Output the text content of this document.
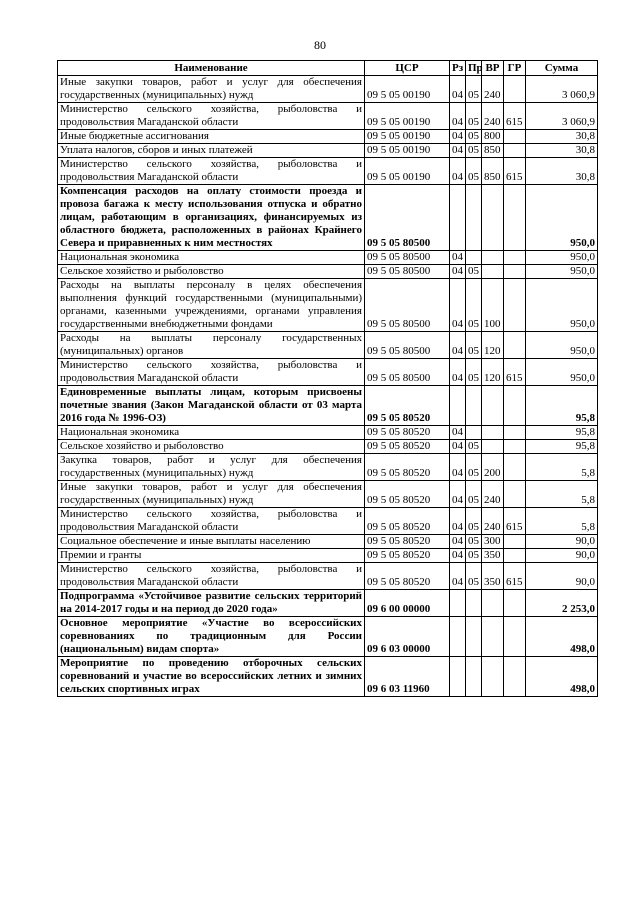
80
Наименование	ЦСР	Рз	Пр	ВР	ГР	Сумма
Иные закупки товаров, работ и услуг для обеспечения государственных (муниципальных) нужд	09 5 05 00190	04	05	240		3 060,9
Министерство сельского хозяйства, рыболовства и продовольствия Магаданской области	09 5 05 00190	04	05	240	615	3 060,9
Иные бюджетные ассигнования	09 5 05 00190	04	05	800		30,8
Уплата налогов, сборов и иных платежей	09 5 05 00190	04	05	850		30,8
Министерство сельского хозяйства, рыболовства и продовольствия Магаданской области	09 5 05 00190	04	05	850	615	30,8
Компенсация расходов на оплату стоимости проезда и провоза багажа к месту использования отпуска и обратно лицам, работающим в организациях, финансируемых из областного бюджета, расположенных в районах Крайнего Севера и приравненных к ним местностях	09 5 05 80500					950,0
Национальная экономика	09 5 05 80500	04				950,0
Сельское хозяйство и рыболовство	09 5 05 80500	04	05			950,0
Расходы на выплаты персоналу в целях обеспечения выполнения функций государственными (муниципальными) органами, казенными учреждениями, органами управления государственными внебюджетными фондами	09 5 05 80500	04	05	100		950,0
Расходы на выплаты персоналу государственных (муниципальных) органов	09 5 05 80500	04	05	120		950,0
Министерство сельского хозяйства, рыболовства и продовольствия Магаданской области	09 5 05 80500	04	05	120	615	950,0
Единовременные выплаты лицам, которым присвоены почетные звания (Закон Магаданской области от 03 марта 2016 года № 1996-ОЗ)	09 5 05 80520					95,8
Национальная экономика	09 5 05 80520	04				95,8
Сельское хозяйство и рыболовство	09 5 05 80520	04	05			95,8
Закупка товаров, работ и услуг для обеспечения государственных (муниципальных) нужд	09 5 05 80520	04	05	200		5,8
Иные закупки товаров, работ и услуг для обеспечения государственных (муниципальных) нужд	09 5 05 80520	04	05	240		5,8
Министерство сельского хозяйства, рыболовства и продовольствия Магаданской области	09 5 05 80520	04	05	240	615	5,8
Социальное обеспечение и иные выплаты населению	09 5 05 80520	04	05	300		90,0
Премии и гранты	09 5 05 80520	04	05	350		90,0
Министерство сельского хозяйства, рыболовства и продовольствия Магаданской области	09 5 05 80520	04	05	350	615	90,0
Подпрограмма «Устойчивое развитие сельских территорий на 2014-2017 годы и на период до 2020 года»	09 6 00 00000					2 253,0
Основное мероприятие «Участие во всероссийских соревнованиях по традиционным для России (национальным) видам спорта»	09 6 03 00000					498,0
Мероприятие по проведению отборочных сельских соревнований и участие во всероссийских летних и зимних сельских спортивных играх	09 6 03 11960					498,0
